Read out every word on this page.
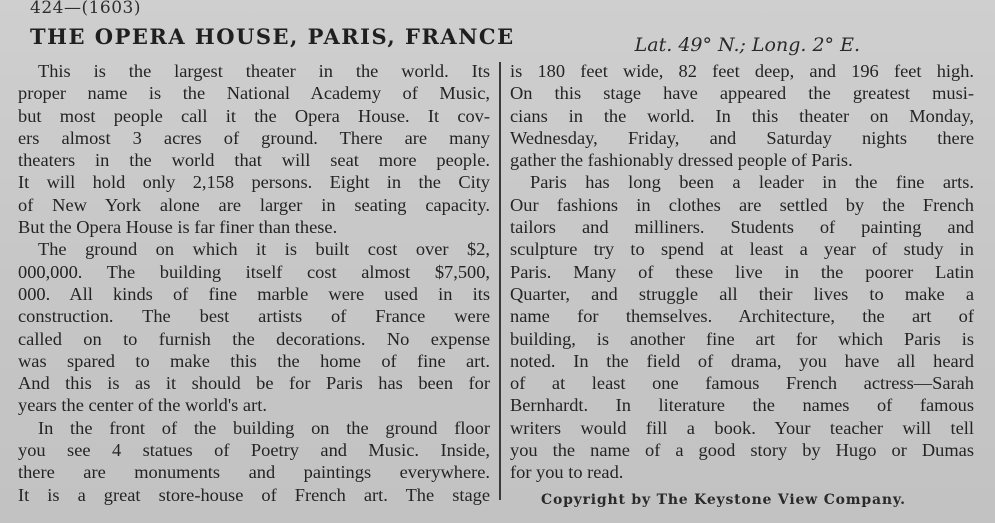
424—(1603)
THE OPERA HOUSE, PARIS, FRANCE	Lat. 49° N.; Long. 2° E.
This is the largest theater in the world. Its
proper name is the National Academy of Music,
but most people call it the Opera House. It cov-
ers almost 3 acres of ground. There are many
theaters in the world that will seat more people.
It will hold only 2,158 persons. Eight in the City
of New York alone are larger in seating capacity.
But the Opera House is far finer than these.
The ground on which it is built cost over $2,
000,000. The building itself cost almost $7,500,
000. All kinds of fine marble were used in its
construction. The best artists of France were
called on to furnish the decorations. No expense
was spared to make this the home of fine art.
And this is as it should be for Paris has been for
years the center of the world's art.
In the front of the building on the ground floor
you see 4 statues of Poetry and Music. Inside,
there are monuments and paintings everywhere.
It is a great store-house of French art. The stage
is 180 feet wide, 82 feet deep, and 196 feet high.
On this stage have appeared the greatest musi-
cians in the world. In this theater on Monday,
Wednesday, Friday, and Saturday nights there
gather the fashionably dressed people of Paris.
Paris has long been a leader in the fine arts.
Our fashions in clothes are settled by the French
tailors and milliners. Students of painting and
sculpture try to spend at least a year of study in
Paris. Many of these live in the poorer Latin
Quarter, and struggle all their lives to make a
name for themselves. Architecture, the art of
building, is another fine art for which Paris is
noted. In the field of drama, you have all heard
of at least one famous French actress—Sarah
Bernhardt. In literature the names of famous
writers would fill a book. Your teacher will tell
you the name of a good story by Hugo or Dumas
for you to read.
Copyright by The Keystone View Company.
